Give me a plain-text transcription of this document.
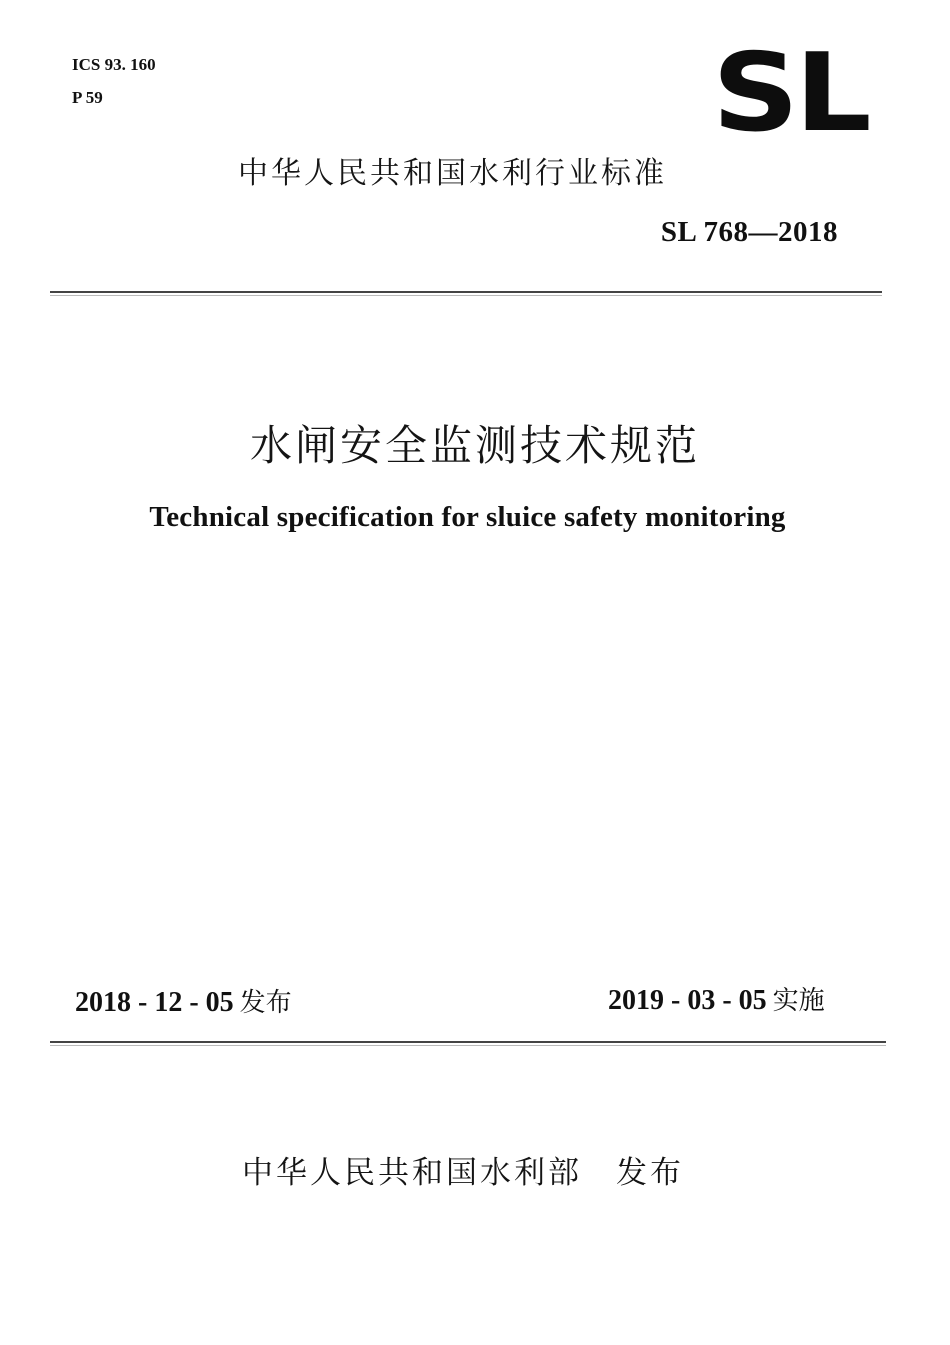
ICS 93. 160
P 59	SL
中华人民共和国水利行业标准
SL 768—2018
水闸安全监测技术规范
Technical specification for sluice safety monitoring
2018 - 12 - 05 发布	2019 - 03 - 05 实施
中华人民共和国水利部 发布
